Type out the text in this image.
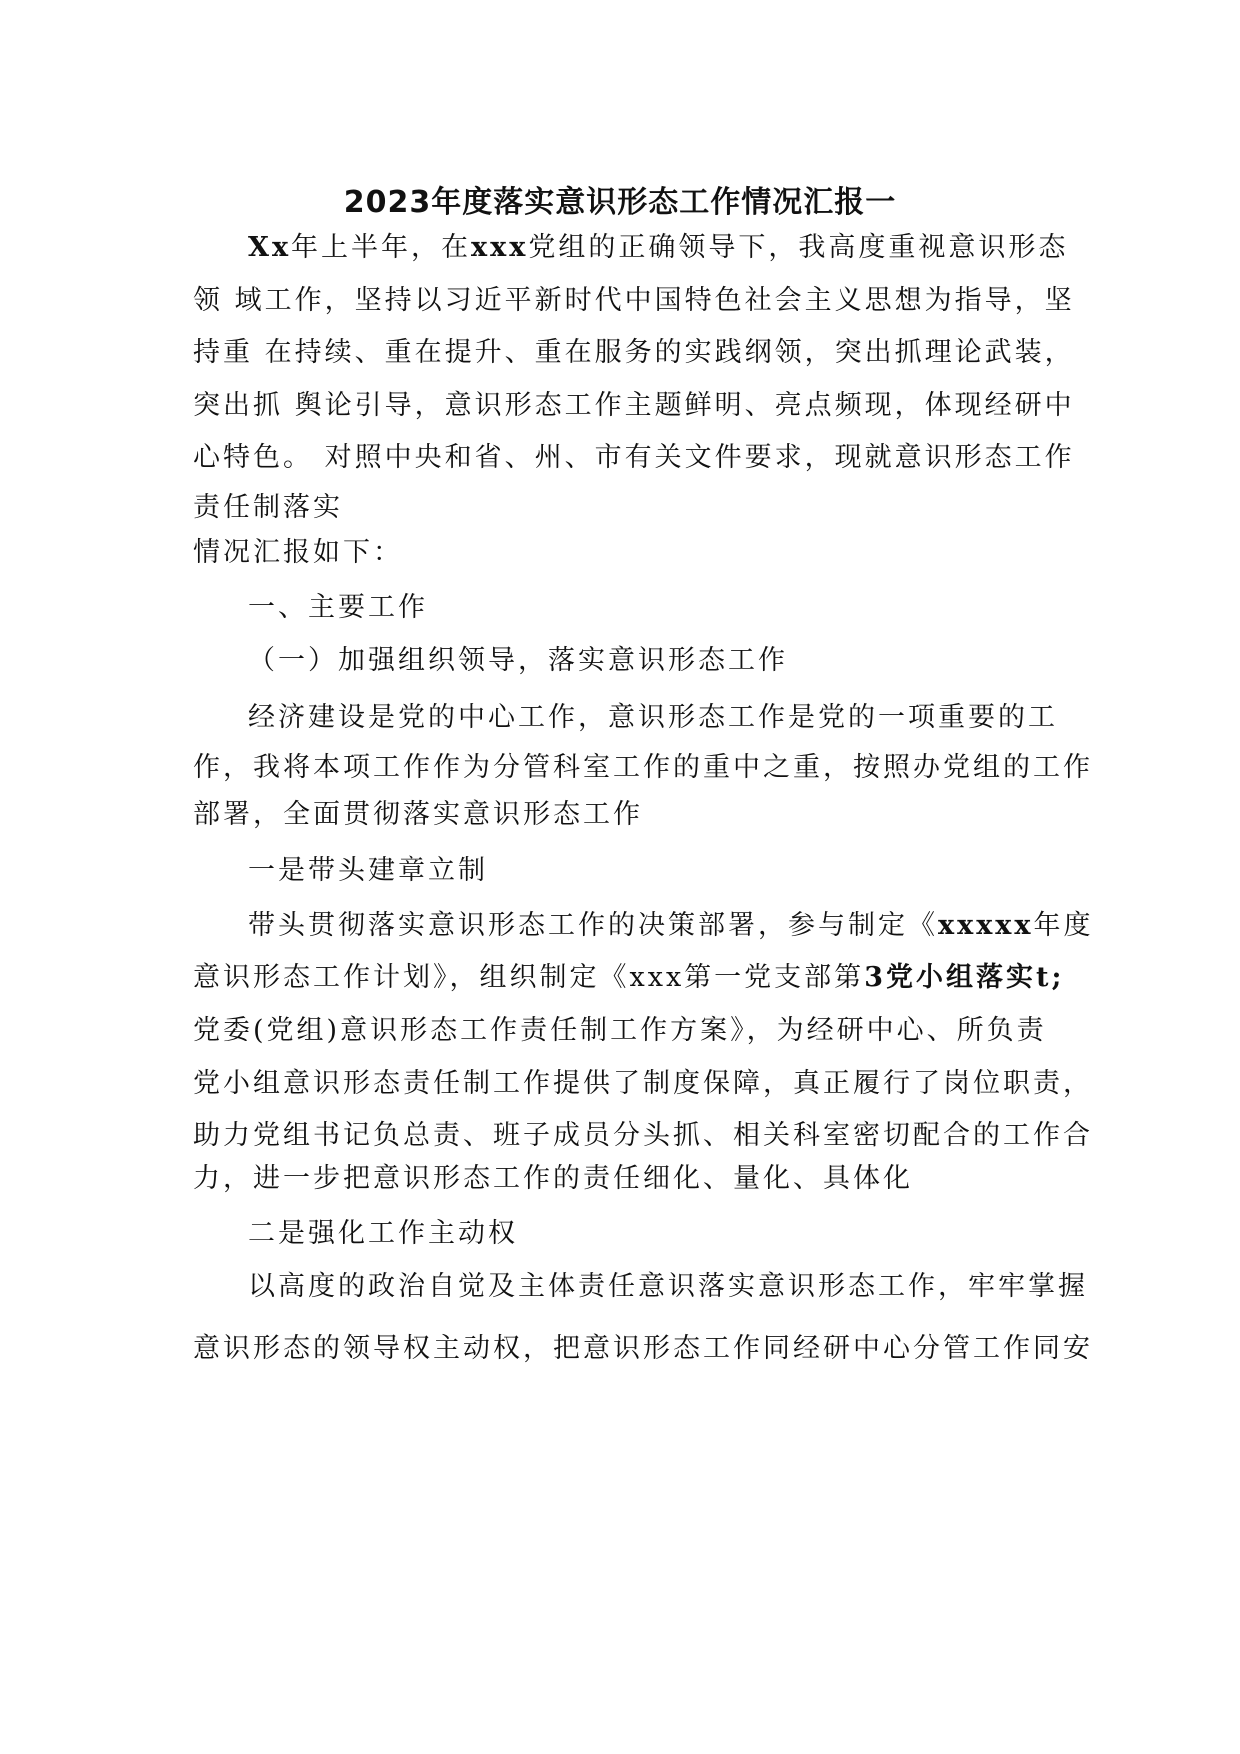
2023年度落实意识形态工作情况汇报一
Xx年上半年，在xxx党组的正确领导下，我高度重视意识形态
领 域工作，坚持以习近平新时代中国特色社会主义思想为指导，坚
持重 在持续、重在提升、重在服务的实践纲领，突出抓理论武装，
突出抓 舆论引导，意识形态工作主题鲜明、亮点频现，体现经研中
心特色。 对照中央和省、州、市有关文件要求，现就意识形态工作
责任制落实
情况汇报如下：
一、主要工作
（一）加强组织领导，落实意识形态工作
经济建设是党的中心工作，意识形态工作是党的一项重要的工
作，我将本项工作作为分管科室工作的重中之重，按照办党组的工作
部署，全面贯彻落实意识形态工作
一是带头建章立制
带头贯彻落实意识形态工作的决策部署，参与制定《xxxxx年度
意识形态工作计划》，组织制定《xxx第一党支部第3党小组落实t;
党委(党组)意识形态工作责任制工作方案》，为经研中心、所负责
党小组意识形态责任制工作提供了制度保障，真正履行了岗位职责，
助力党组书记负总责、班子成员分头抓、相关科室密切配合的工作合
力，进一步把意识形态工作的责任细化、量化、具体化
二是强化工作主动权
以高度的政治自觉及主体责任意识落实意识形态工作，牢牢掌握
意识形态的领导权主动权，把意识形态工作同经研中心分管工作同安
